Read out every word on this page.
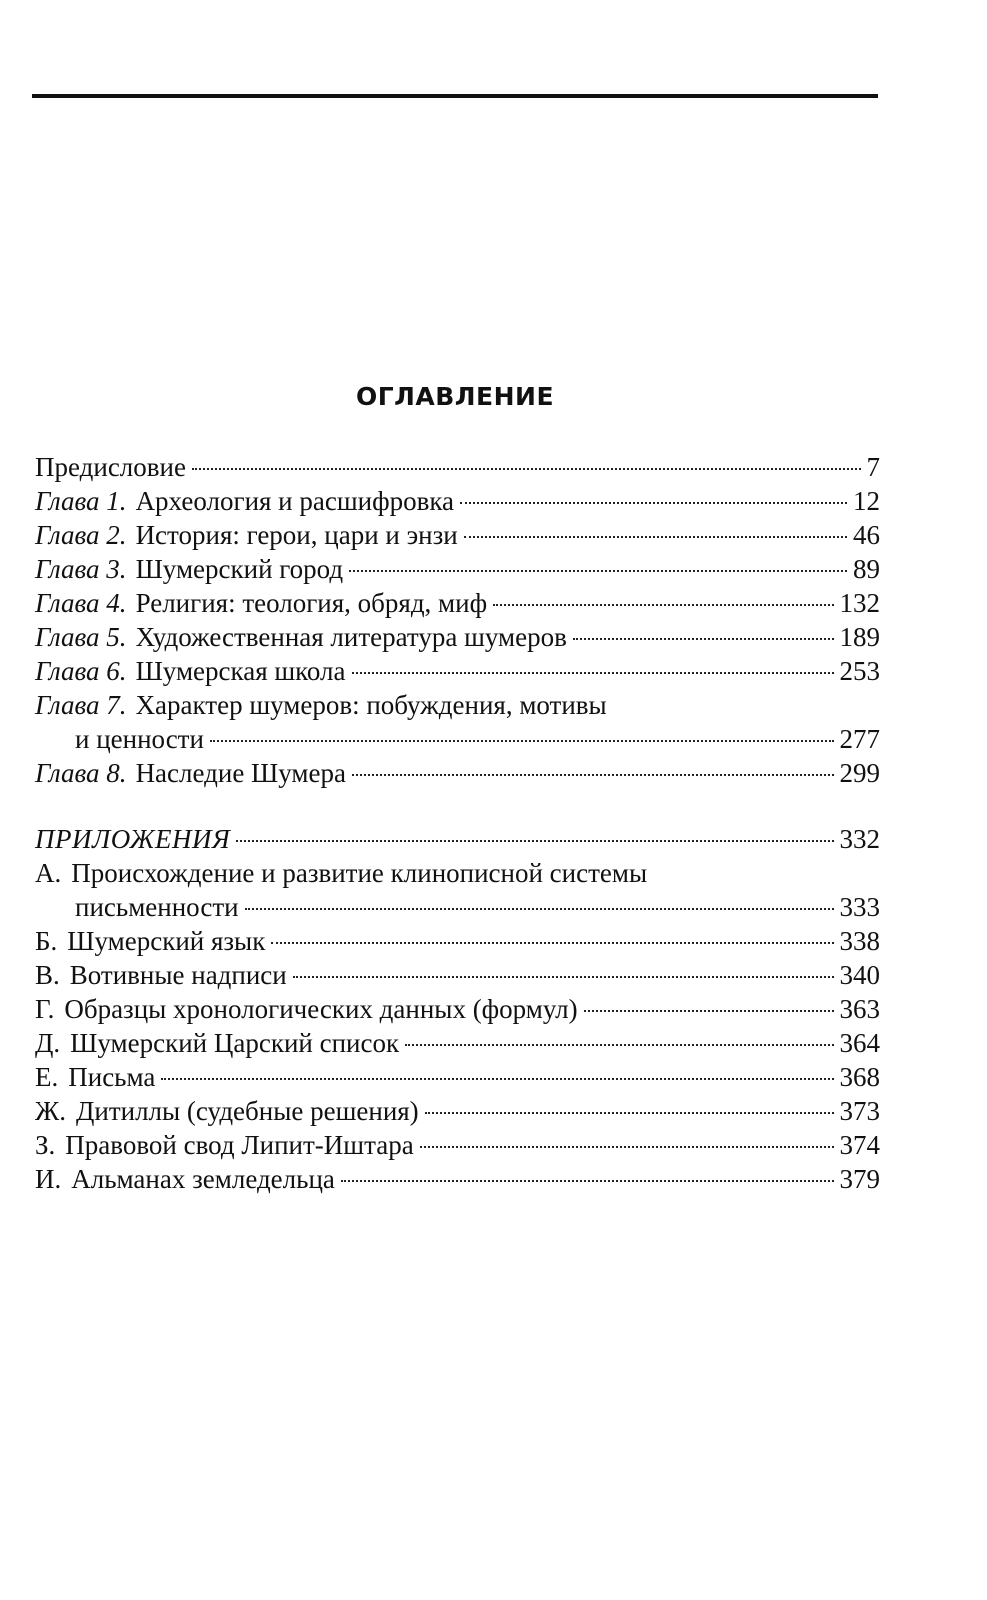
ОГЛАВЛЕНИЕ
Предисловие	7
Глава 1. Археология и расшифровка	12
Глава 2. История: герои, цари и энзи	46
Глава 3. Шумерский город	89
Глава 4. Религия: теология, обряд, миф	132
Глава 5. Художественная литература шумеров	189
Глава 6. Шумерская школа	253
Глава 7. Характер шумеров: побуждения, мотивы
и ценности	277
Глава 8. Наследие Шумера	299
ПРИЛОЖЕНИЯ	332
А. Происхождение и развитие клинописной системы
письменности	333
Б. Шумерский язык	338
В. Вотивные надписи	340
Г. Образцы хронологических данных (формул)	363
Д. Шумерский Царский список	364
Е. Письма	368
Ж. Дитиллы (судебные решения)	373
З. Правовой свод Липит-Иштара	374
И. Альманах земледельца	379
